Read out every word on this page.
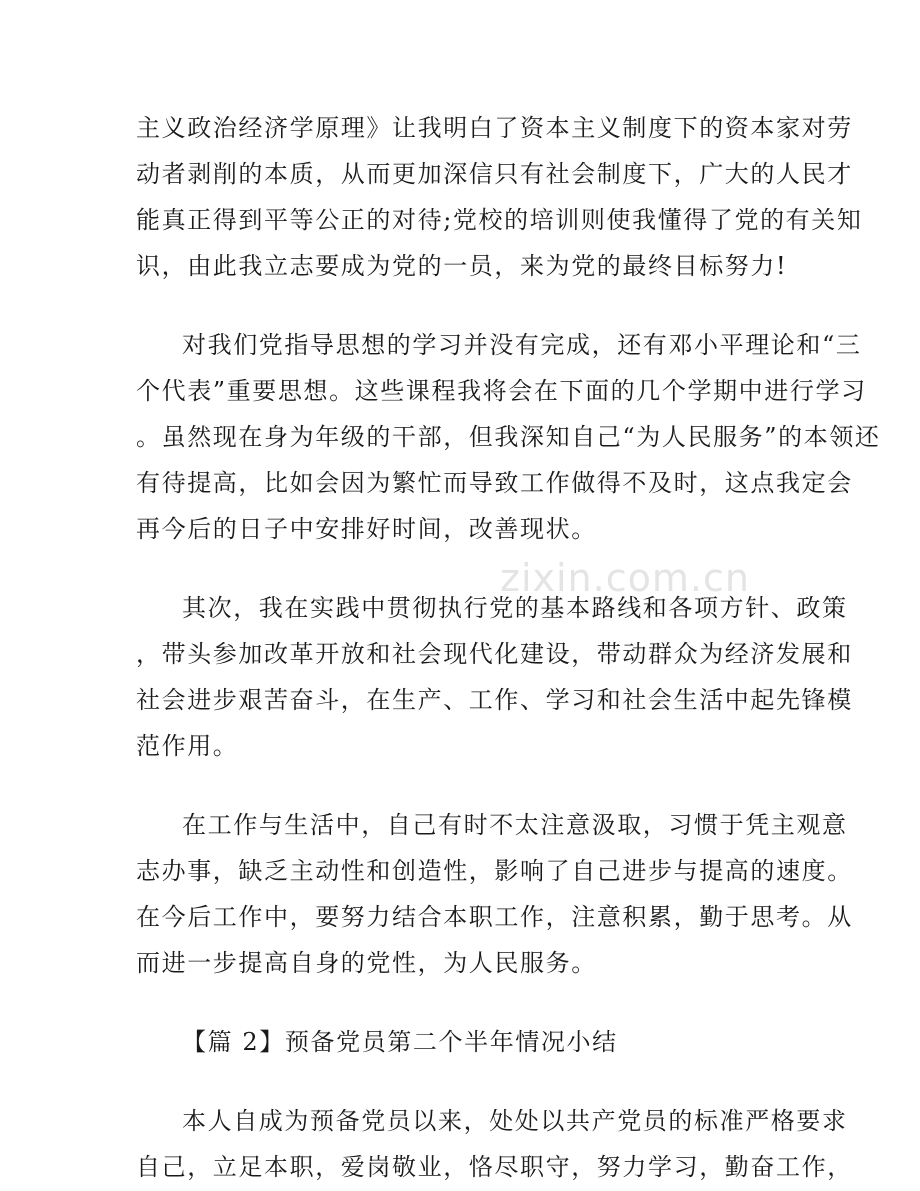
zixin.com.cn
主义政治经济学原理》让我明白了资本主义制度下的资本家对劳
动者剥削的本质，从而更加深信只有社会制度下，广大的人民才
能真正得到平等公正的对待;党校的培训则使我懂得了党的有关知
识，由此我立志要成为党的一员，来为党的最终目标努力!
对我们党指导思想的学习并没有完成，还有邓小平理论和“三
个代表”重要思想。这些课程我将会在下面的几个学期中进行学习
。虽然现在身为年级的干部，但我深知自己“为人民服务”的本领还
有待提高，比如会因为繁忙而导致工作做得不及时，这点我定会
再今后的日子中安排好时间，改善现状。
其次，我在实践中贯彻执行党的基本路线和各项方针、政策
，带头参加改革开放和社会现代化建设，带动群众为经济发展和
社会进步艰苦奋斗，在生产、工作、学习和社会生活中起先锋模
范作用。
在工作与生活中，自己有时不太注意汲取，习惯于凭主观意
志办事，缺乏主动性和创造性，影响了自己进步与提高的速度。
在今后工作中，要努力结合本职工作，注意积累，勤于思考。从
而进一步提高自身的党性，为人民服务。
【篇 2】预备党员第二个半年情况小结
本人自成为预备党员以来，处处以共产党员的标准严格要求
自己，立足本职，爱岗敬业，恪尽职守，努力学习，勤奋工作，
